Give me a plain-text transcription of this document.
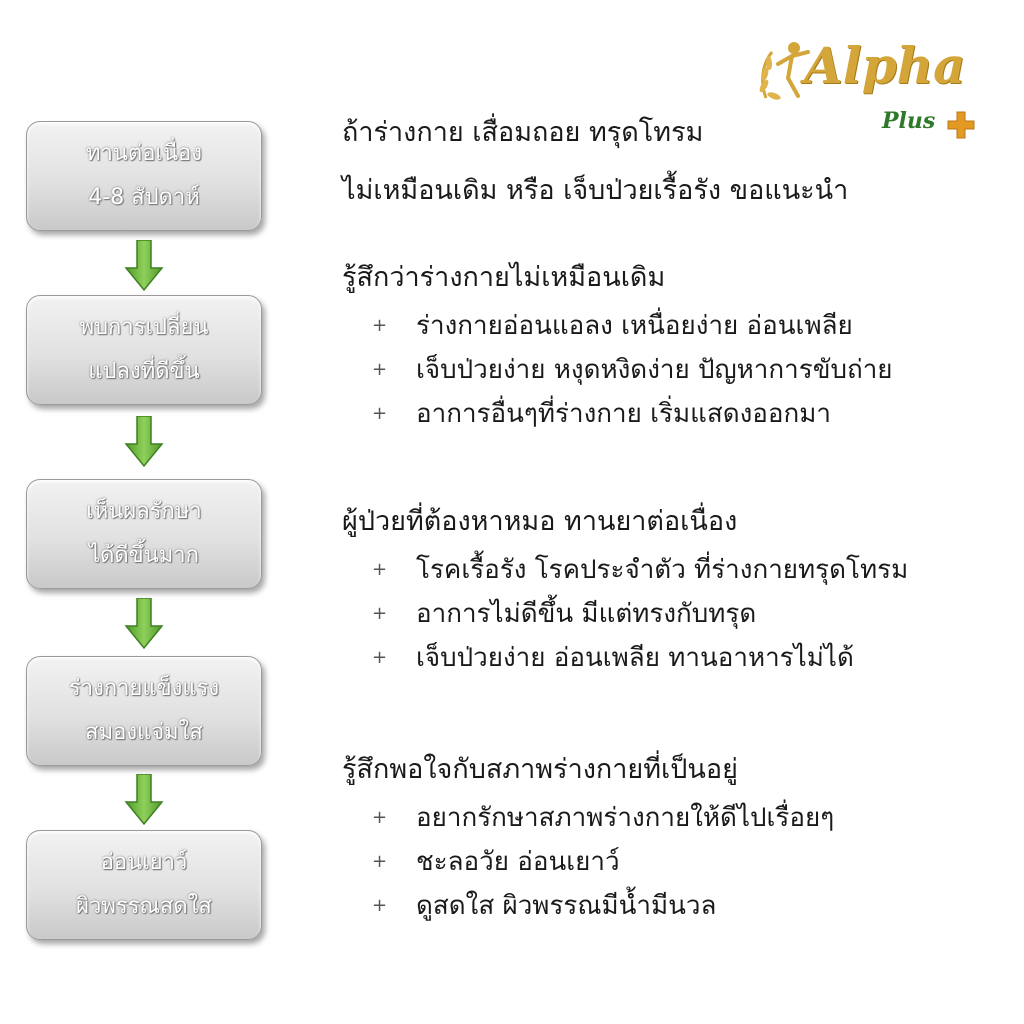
Alpha
Plus
ทานต่อเนื่อง
4-8 สัปดาห์
พบการเปลี่ยน
แปลงที่ดีขึ้น
เห็นผลรักษา
ได้ดีขึ้นมาก
ร่างกายแข็งแรง
สมองแจ่มใส
อ่อนเยาว์
ผิวพรรณสดใส
ถ้าร่างกาย เสื่อมถอย ทรุดโทรม
ไม่เหมือนเดิม หรือ เจ็บป่วยเรื้อรัง ขอแนะนำ
รู้สึกว่าร่างกายไม่เหมือนเดิม
+ ร่างกายอ่อนแอลง เหนื่อยง่าย อ่อนเพลีย
+ เจ็บป่วยง่าย หงุดหงิดง่าย ปัญหาการขับถ่าย
+ อาการอื่นๆที่ร่างกาย เริ่มแสดงออกมา
ผู้ป่วยที่ต้องหาหมอ ทานยาต่อเนื่อง
+ โรคเรื้อรัง โรคประจำตัว ที่ร่างกายทรุดโทรม
+ อาการไม่ดีขึ้น มีแต่ทรงกับทรุด
+ เจ็บป่วยง่าย อ่อนเพลีย ทานอาหารไม่ได้
รู้สึกพอใจกับสภาพร่างกายที่เป็นอยู่
+ อยากรักษาสภาพร่างกายให้ดีไปเรื่อยๆ
+ ชะลอวัย อ่อนเยาว์
+ ดูสดใส ผิวพรรณมีน้ำมีนวล
